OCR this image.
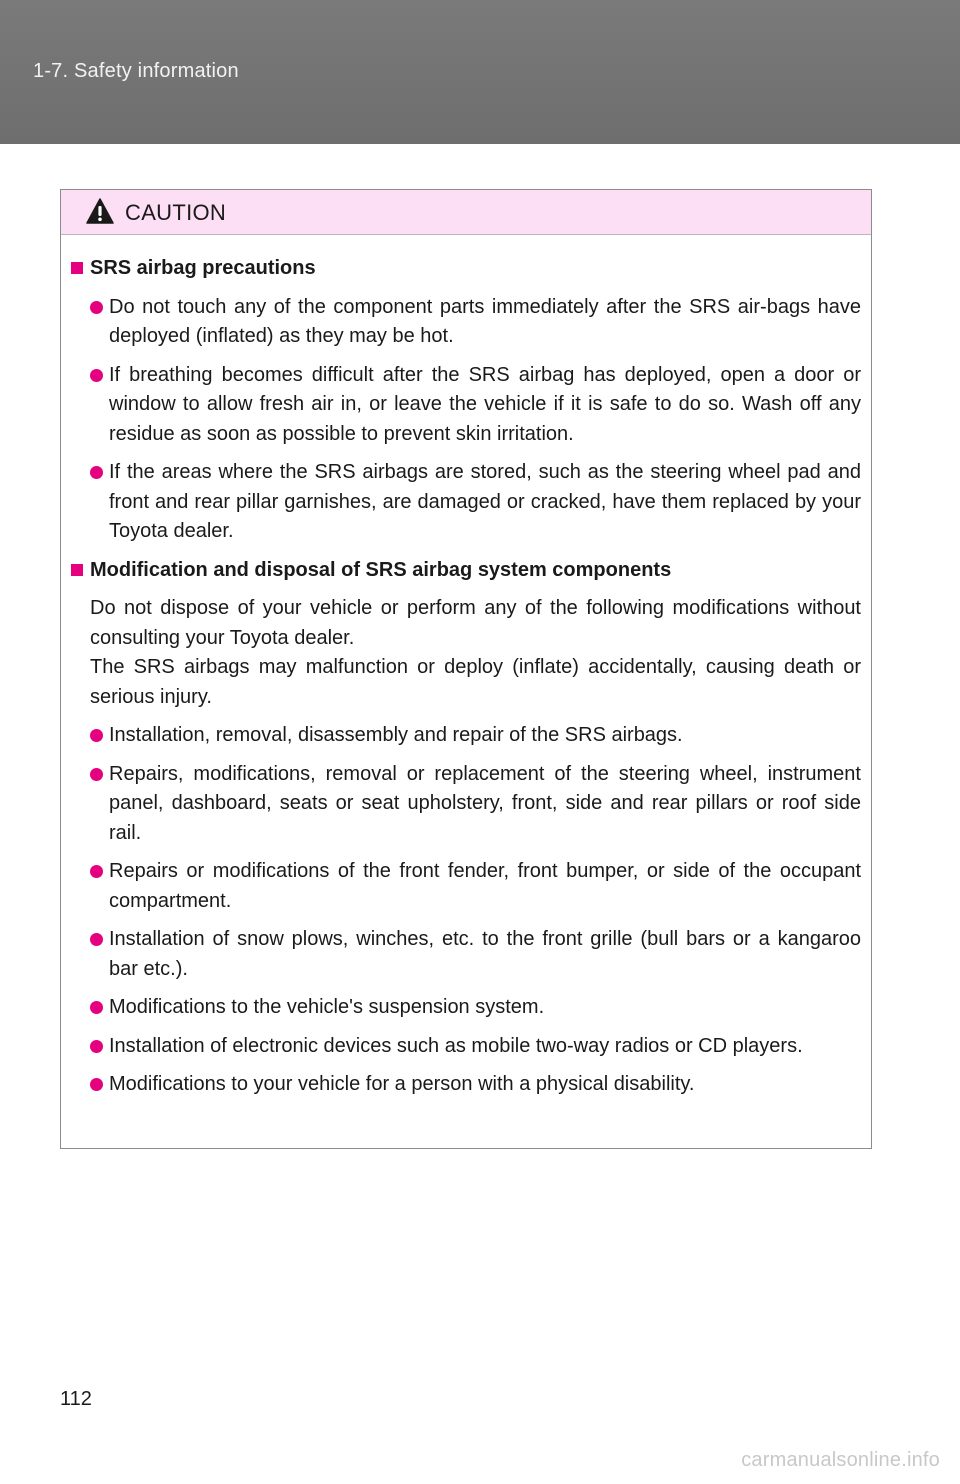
1-7. Safety information
CAUTION
SRS airbag precautions
Do not touch any of the component parts immediately after the SRS air-bags have deployed (inflated) as they may be hot.
If breathing becomes difficult after the SRS airbag has deployed, open a door or window to allow fresh air in, or leave the vehicle if it is safe to do so. Wash off any residue as soon as possible to prevent skin irritation.
If the areas where the SRS airbags are stored, such as the steering wheel pad and front and rear pillar garnishes, are damaged or cracked, have them replaced by your Toyota dealer.
Modification and disposal of SRS airbag system components
Do not dispose of your vehicle or perform any of the following modifications without consulting your Toyota dealer.
The SRS airbags may malfunction or deploy (inflate) accidentally, causing death or serious injury.
Installation, removal, disassembly and repair of the SRS airbags.
Repairs, modifications, removal or replacement of the steering wheel, instrument panel, dashboard, seats or seat upholstery, front, side and rear pillars or roof side rail.
Repairs or modifications of the front fender, front bumper, or side of the occupant compartment.
Installation of snow plows, winches, etc. to the front grille (bull bars or a kangaroo bar etc.).
Modifications to the vehicle's suspension system.
Installation of electronic devices such as mobile two-way radios or CD players.
Modifications to your vehicle for a person with a physical disability.
112
carmanualsonline.info
